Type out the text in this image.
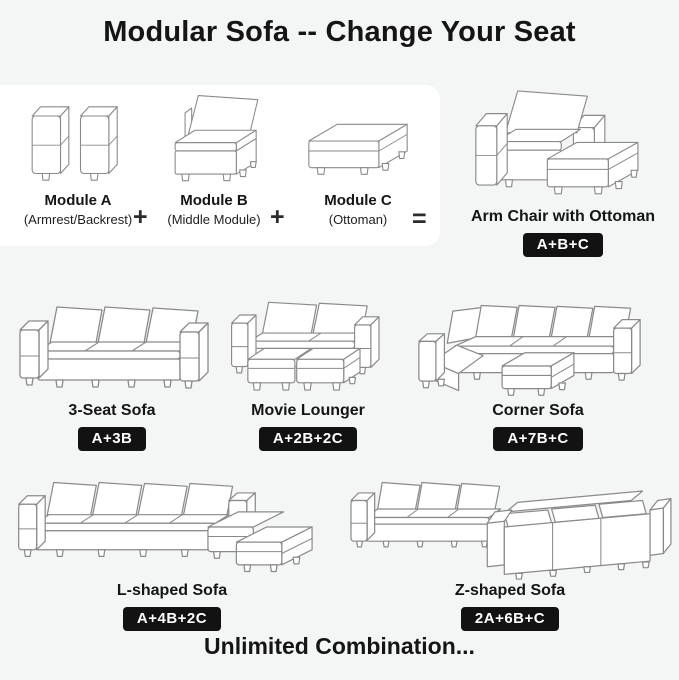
Modular Sofa -- Change Your Seat
Module A
(Armrest/Backrest) +
Module B
(Middle Module) +
Module C
(Ottoman) =	Arm Chair with Ottoman
A+B+C
3-Seat Sofa
A+3B
Movie Lounger
A+2B+2C
Corner Sofa
A+7B+C
L-shaped Sofa
A+4B+2C
Z-shaped Sofa
2A+6B+C
Unlimited Combination...
